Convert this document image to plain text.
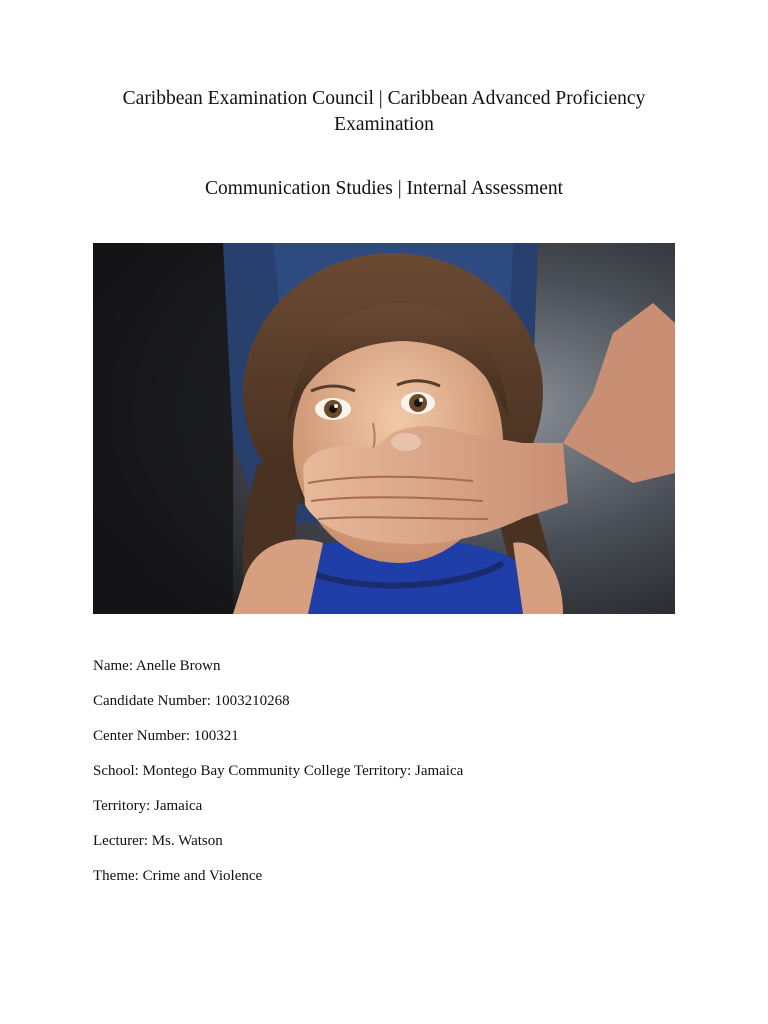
Caribbean Examination Council | Caribbean Advanced Proficiency Examination
Communication Studies | Internal Assessment
Name: Anelle Brown
Candidate Number: 1003210268
Center Number: 100321
School: Montego Bay Community College Territory: Jamaica
Territory: Jamaica
Lecturer: Ms. Watson
Theme: Crime and Violence
